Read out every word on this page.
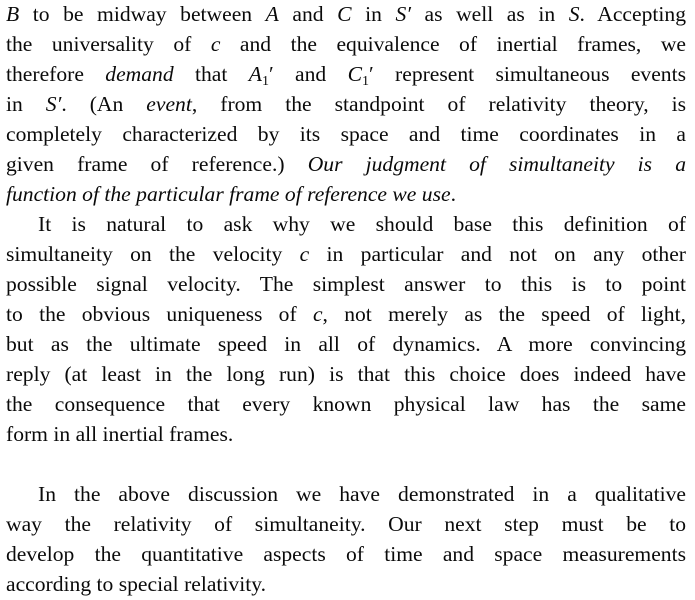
B to be midway between A and C in S′ as well as in S. Accepting
the universality of c and the equivalence of inertial frames, we
therefore demand that $A_1'$ and $C_1'$ represent simultaneous events
in S′. (An event, from the standpoint of relativity theory, is
completely characterized by its space and time coordinates in a
given frame of reference.) Our judgment of simultaneity is a
function of the particular frame of reference we use.
It is natural to ask why we should base this definition of
simultaneity on the velocity c in particular and not on any other
possible signal velocity. The simplest answer to this is to point
to the obvious uniqueness of c, not merely as the speed of light,
but as the ultimate speed in all of dynamics. A more convincing
reply (at least in the long run) is that this choice does indeed have
the consequence that every known physical law has the same
form in all inertial frames.
In the above discussion we have demonstrated in a qualitative
way the relativity of simultaneity. Our next step must be to
develop the quantitative aspects of time and space measurements
according to special relativity.
